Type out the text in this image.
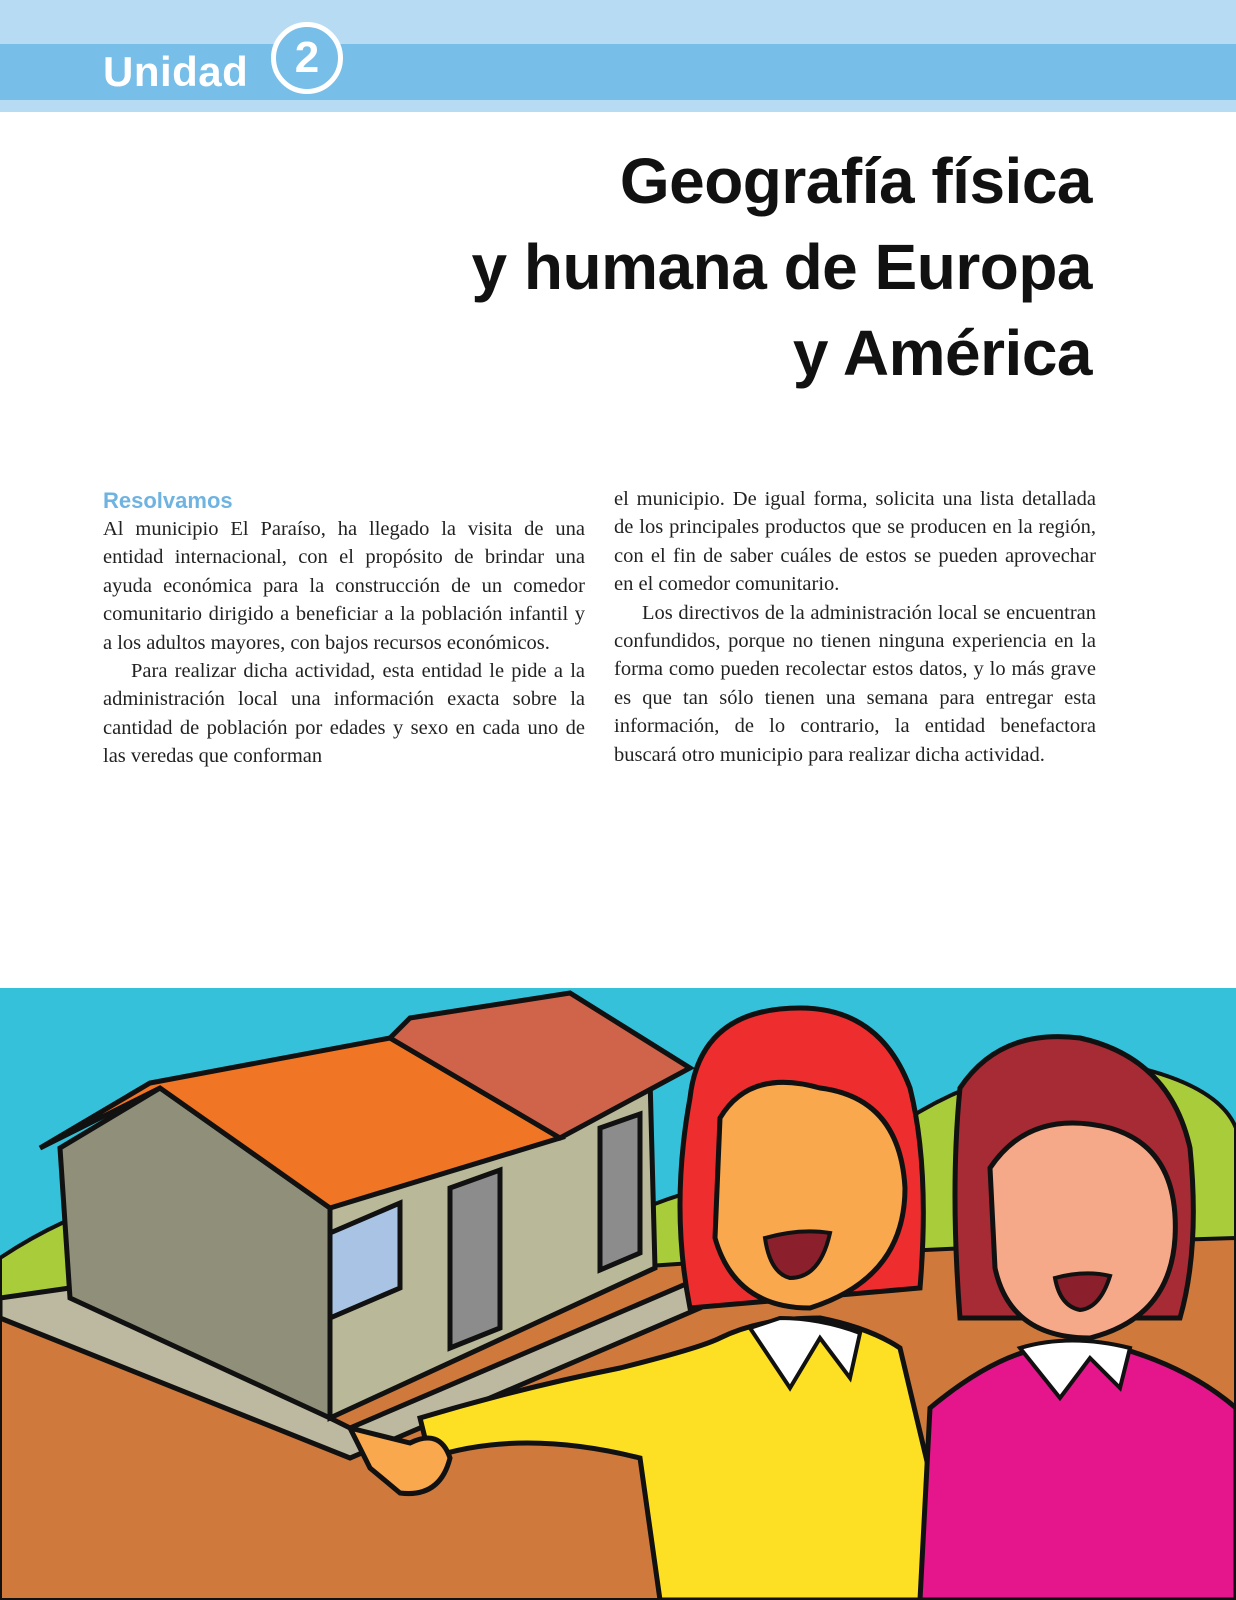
Unidad	2
Geografía física
y humana de Europa
y América
Resolvamos

Al municipio El Paraíso, ha llegado la visita de una entidad internacional, con el propósito de brindar una ayuda económica para la construcción de un comedor comunitario dirigido a beneficiar a la población infantil y a los adultos mayores, con bajos recursos económicos.

Para realizar dicha actividad, esta entidad le pide a la administración local una información exacta sobre la cantidad de población por edades y sexo en cada uno de las veredas que conforman

el municipio. De igual forma, solicita una lista detallada de los principales productos que se producen en la región, con el fin de saber cuáles de estos se pueden aprovechar en el comedor comunitario.

Los directivos de la administración local se encuentran confundidos, porque no tienen ninguna experiencia en la forma como pueden recolectar estos datos, y lo más grave es que tan sólo tienen una semana para entregar esta información, de lo contrario, la entidad benefactora buscará otro municipio para realizar dicha actividad.
